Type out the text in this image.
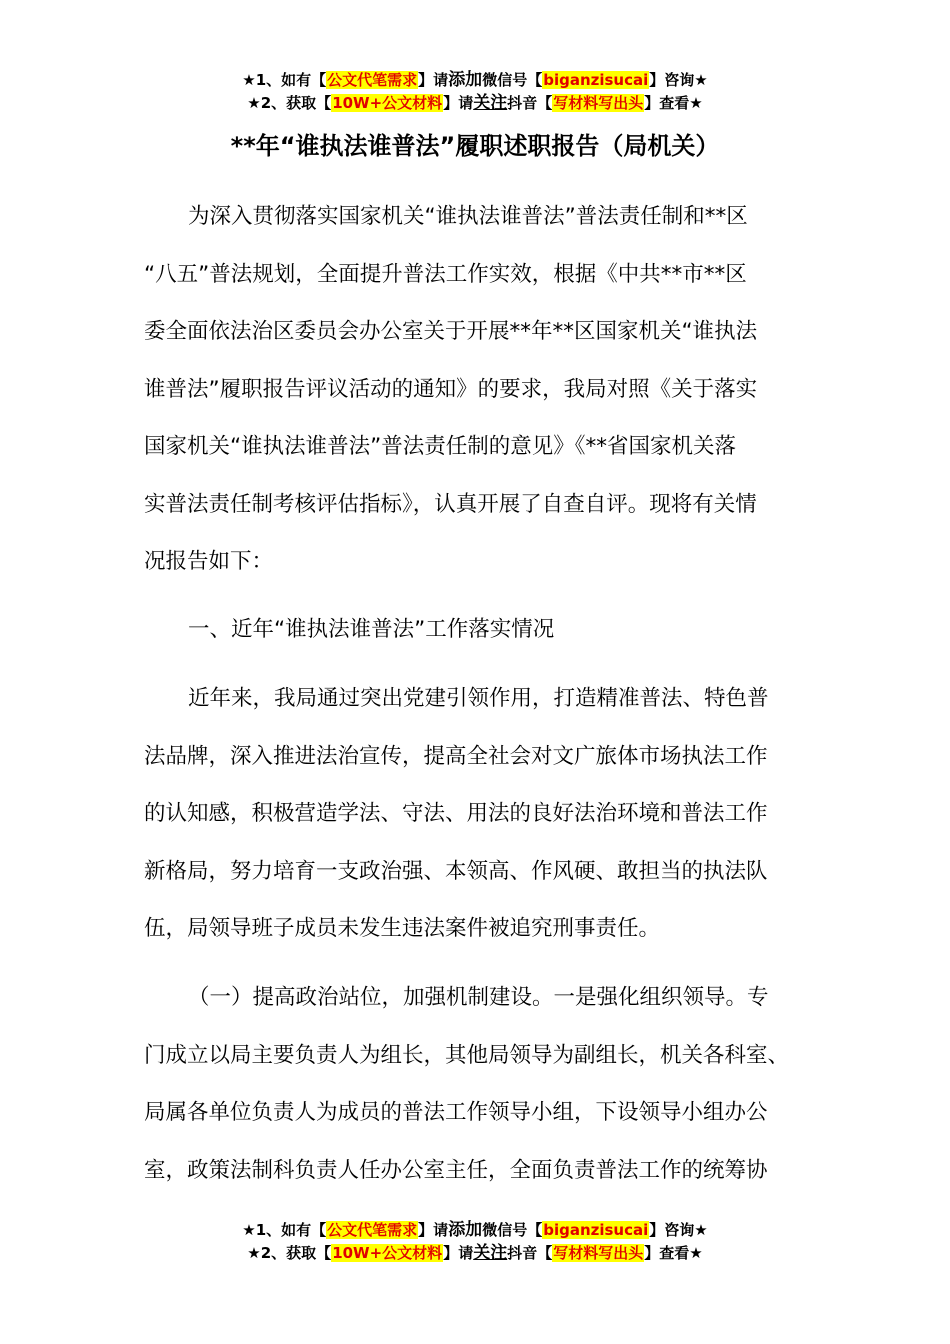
★1、如有【公文代笔需求】请添加微信号【biganzisucai】咨询★
★2、获取【10W+公文材料】请关注抖音【写材料写出头】查看★
**年“谁执法谁普法”履职述职报告（局机关）
为深入贯彻落实国家机关“谁执法谁普法”普法责任制和**区
“八五”普法规划，全面提升普法工作实效，根据《中共**市**区
委全面依法治区委员会办公室关于开展**年**区国家机关“谁执法
谁普法”履职报告评议活动的通知》的要求，我局对照《关于落实
国家机关“谁执法谁普法”普法责任制的意见》《**省国家机关落
实普法责任制考核评估指标》，认真开展了自查自评。现将有关情
况报告如下：
一、近年“谁执法谁普法”工作落实情况
近年来，我局通过突出党建引领作用，打造精准普法、特色普
法品牌，深入推进法治宣传，提高全社会对文广旅体市场执法工作
的认知感，积极营造学法、守法、用法的良好法治环境和普法工作
新格局，努力培育一支政治强、本领高、作风硬、敢担当的执法队
伍，局领导班子成员未发生违法案件被追究刑事责任。
（一）提高政治站位，加强机制建设。一是强化组织领导。专
门成立以局主要负责人为组长，其他局领导为副组长，机关各科室、
局属各单位负责人为成员的普法工作领导小组，下设领导小组办公
室，政策法制科负责人任办公室主任，全面负责普法工作的统筹协
★1、如有【公文代笔需求】请添加微信号【biganzisucai】咨询★
★2、获取【10W+公文材料】请关注抖音【写材料写出头】查看★
